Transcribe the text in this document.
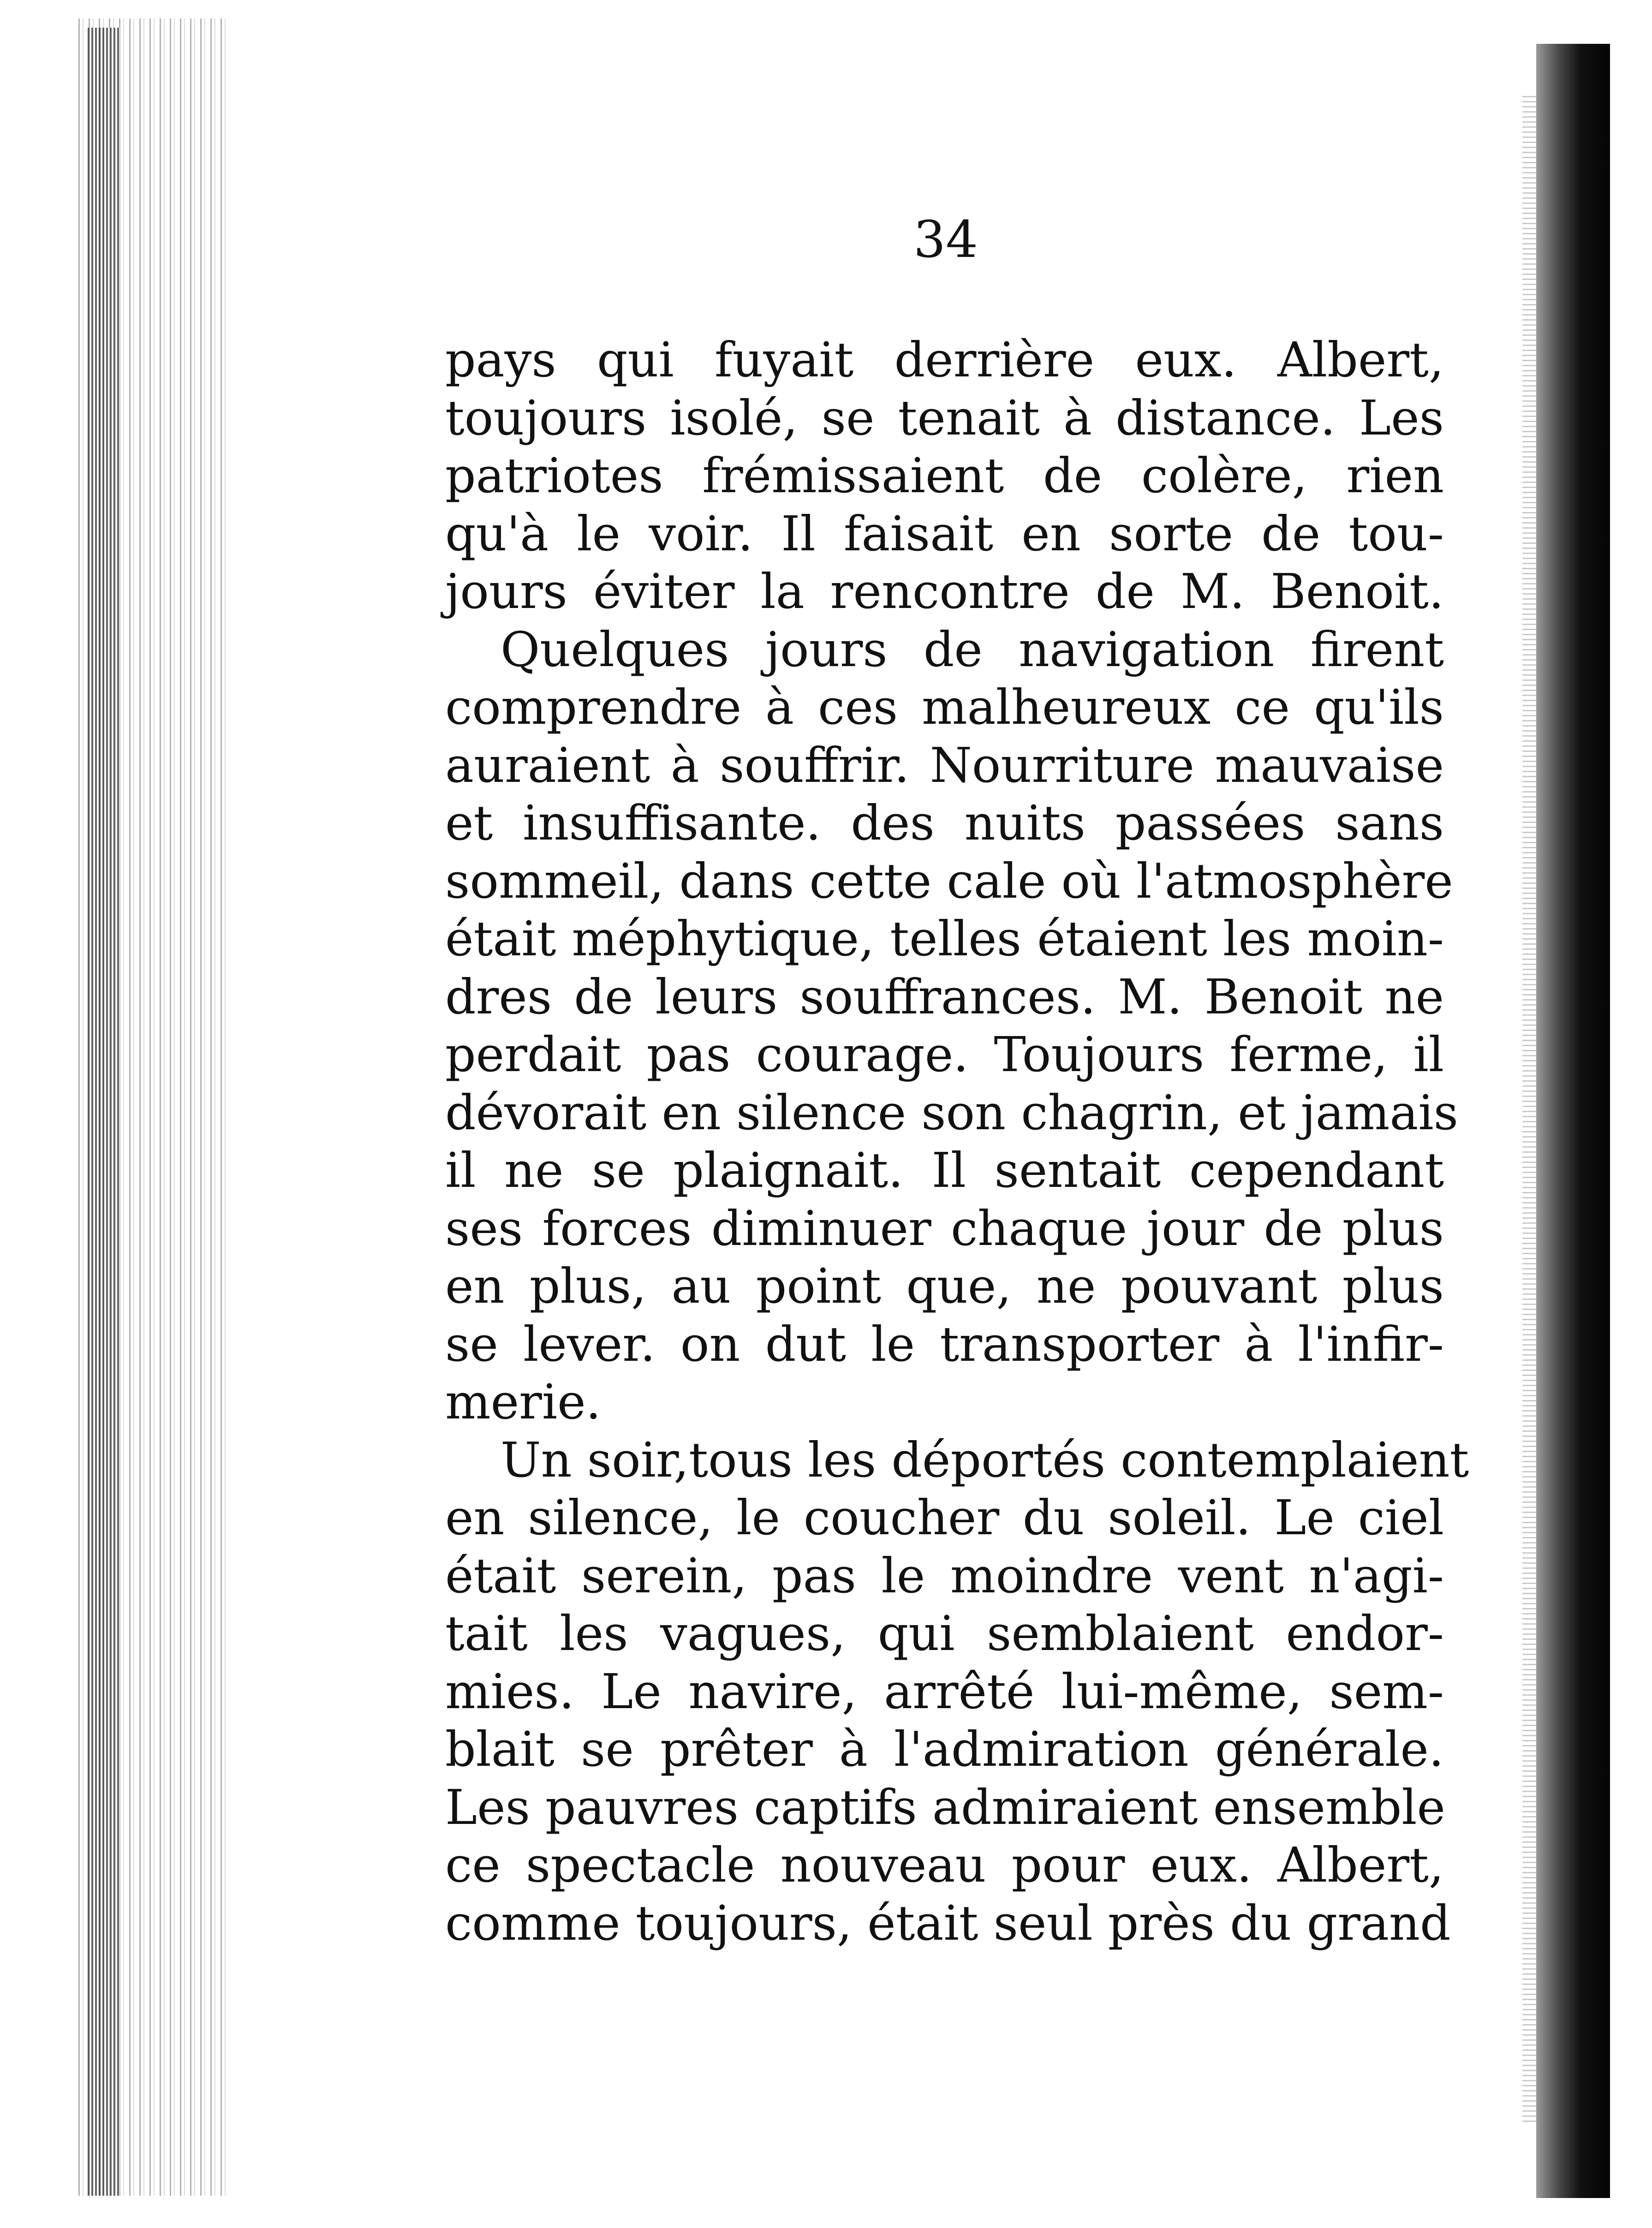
34
pays qui fuyait derrière eux. Albert,
toujours isolé, se tenait à distance. Les
patriotes frémissaient de colère, rien
qu'à le voir. Il faisait en sorte de tou-
jours éviter la rencontre de M. Benoit.
Quelques jours de navigation firent
comprendre à ces malheureux ce qu'ils
auraient à souffrir. Nourriture mauvaise
et insuffisante. des nuits passées sans
sommeil, dans cette cale où l'atmosphère
était méphytique, telles étaient les moin-
dres de leurs souffrances. M. Benoit ne
perdait pas courage. Toujours ferme, il
dévorait en silence son chagrin, et jamais
il ne se plaignait. Il sentait cependant
ses forces diminuer chaque jour de plus
en plus, au point que, ne pouvant plus
se lever. on dut le transporter à l'infir-
merie.
Un soir,tous les déportés contemplaient
en silence, le coucher du soleil. Le ciel
était serein, pas le moindre vent n'agi-
tait les vagues, qui semblaient endor-
mies. Le navire, arrêté lui-même, sem-
blait se prêter à l'admiration générale.
Les pauvres captifs admiraient ensemble
ce spectacle nouveau pour eux. Albert,
comme toujours, était seul près du grand
